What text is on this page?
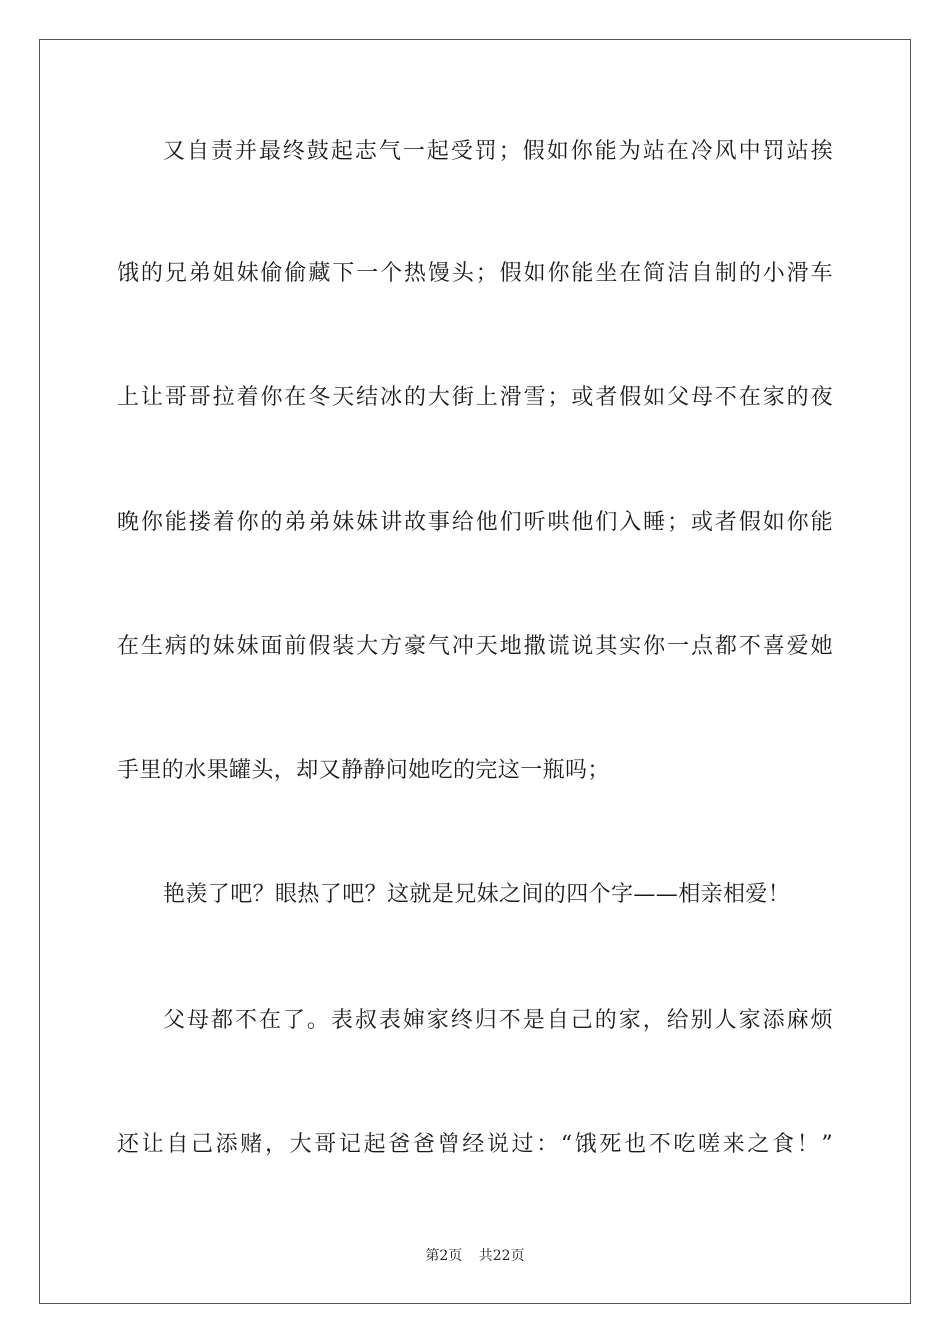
又自责并最终鼓起志气一起受罚；假如你能为站在冷风中罚站挨
饿的兄弟姐妹偷偷藏下一个热馒头；假如你能坐在简洁自制的小滑车
上让哥哥拉着你在冬天结冰的大街上滑雪；或者假如父母不在家的夜
晚你能搂着你的弟弟妹妹讲故事给他们听哄他们入睡；或者假如你能
在生病的妹妹面前假装大方豪气冲天地撒谎说其实你一点都不喜爱她
手里的水果罐头，却又静静问她吃的完这一瓶吗；
艳羡了吧？眼热了吧？这就是兄妹之间的四个字——相亲相爱！
父母都不在了。表叔表婶家终归不是自己的家，给别人家添麻烦
还让自己添赌，大哥记起爸爸曾经说过：“饿死也不吃嗟来之食！”
第2页 共22页
